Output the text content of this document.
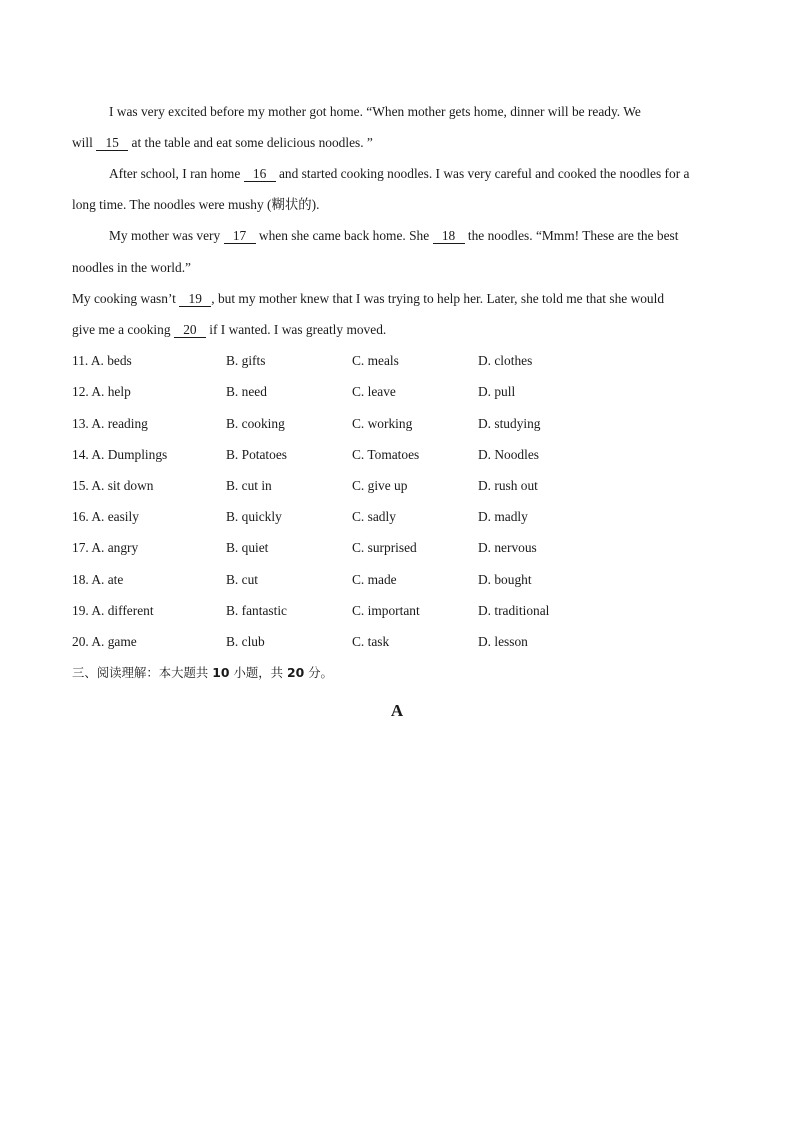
I was very excited before my mother got home. “When mother gets home, dinner will be ready. We
will 15 at the table and eat some delicious noodles. ”
After school, I ran home 16 and started cooking noodles. I was very careful and cooked the noodles for a
long time. The noodles were mushy (糊状的).
My mother was very 17 when she came back home. She 18 the noodles. “Mmm! These are the best
noodles in the world.”
My cooking wasn’t 19 , but my mother knew that I was trying to help her. Later, she told me that she would
give me a cooking 20 if I wanted. I was greatly moved.
11. A. beds	B. gifts	C. meals	D. clothes
12. A. help	B. need	C. leave	D. pull
13. A. reading	B. cooking	C. working	D. studying
14. A. Dumplings	B. Potatoes	C. Tomatoes	D. Noodles
15. A. sit down	B. cut in	C. give up	D. rush out
16. A. easily	B. quickly	C. sadly	D. madly
17. A. angry	B. quiet	C. surprised	D. nervous
18. A. ate	B. cut	C. made	D. bought
19. A. different	B. fantastic	C. important	D. traditional
20. A. game	B. club	C. task	D. lesson
三、阅读理解：本大题共 10 小题，共 20 分。
A
